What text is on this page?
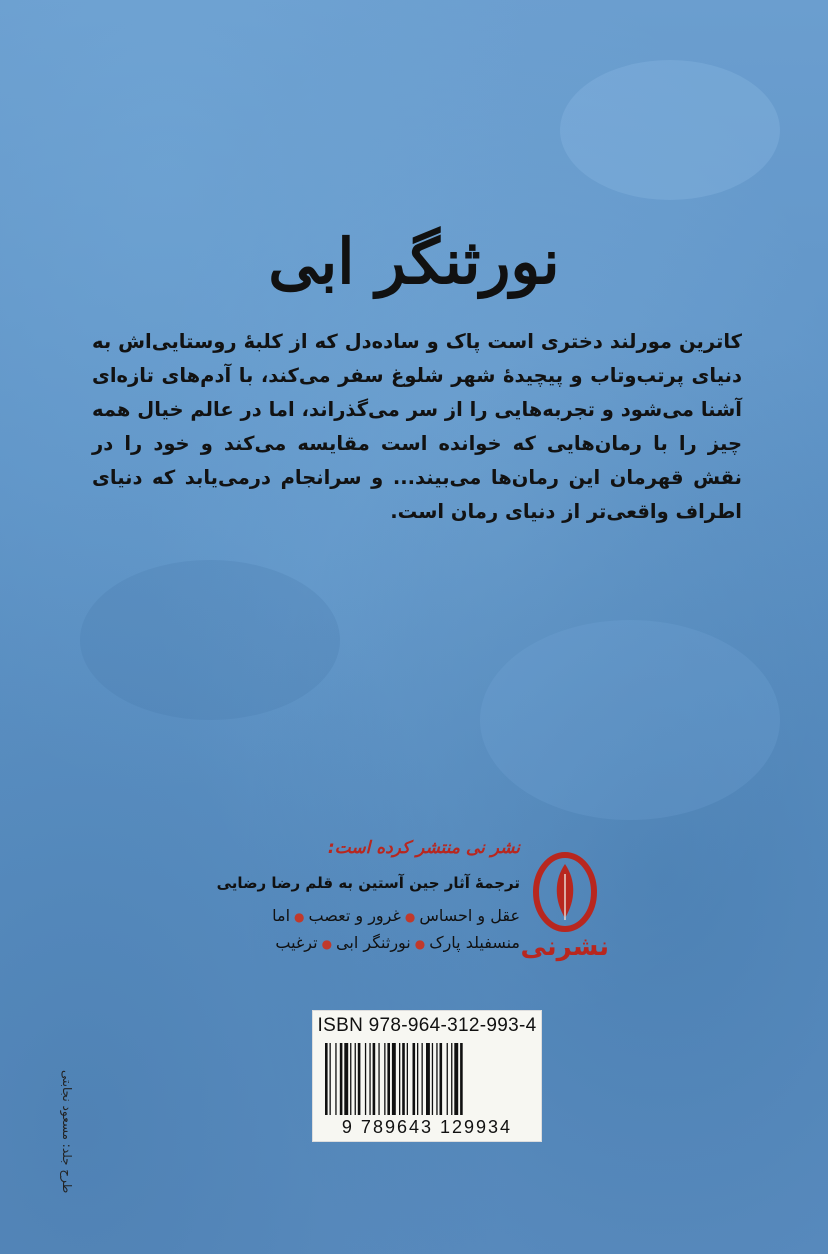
نورثنگر ابی

کاترین مورلند دختری است پاک و ساده‌دل که از کلبهٔ روستایی‌اش به دنیای پرتب‌وتاب و پیچیدهٔ شهر شلوغ سفر می‌کند، با آدم‌های تازه‌ای آشنا می‌شود و تجربه‌هایی را از سر می‌گذراند، اما در عالم خیال همه چیز را با رمان‌هایی که خوانده است مقایسه می‌کند و خود را در نقش قهرمان این رمان‌ها می‌بیند... و سرانجام درمی‌یابد که دنیای اطراف واقعی‌تر از دنیای رمان است.

نشر نی منتشر کرده است:

ترجمهٔ آثار جین آستین به قلم رضا رضایی

عقل و احساس●غرور و تعصب●اما

منسفیلد پارک●نورثنگر ابی●ترغیب	نشرنی
ISBN 978-964-312-993-4
9 789643 129934
طرح جلد: مسعود نجابتی
